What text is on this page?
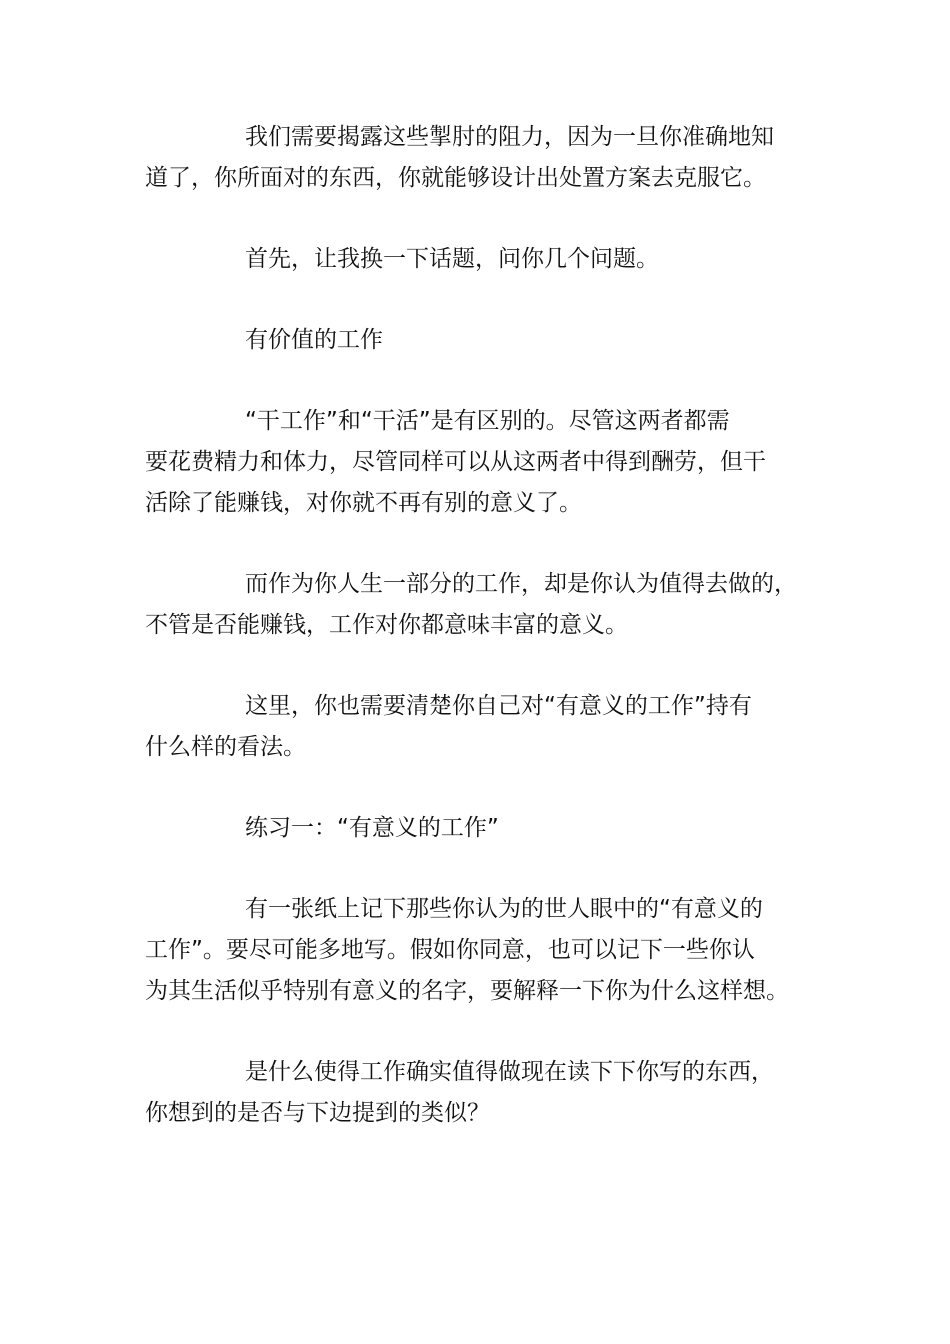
我们需要揭露这些掣肘的阻力，因为一旦你准确地知
道了，你所面对的东西，你就能够设计出处置方案去克服它。

首先，让我换一下话题，问你几个问题。

有价值的工作

“干工作”和“干活”是有区别的。尽管这两者都需
要花费精力和体力，尽管同样可以从这两者中得到酬劳，但干
活除了能赚钱，对你就不再有别的意义了。

而作为你人生一部分的工作，却是你认为值得去做的，
不管是否能赚钱，工作对你都意味丰富的意义。

这里，你也需要清楚你自己对“有意义的工作”持有
什么样的看法。

练习一：“有意义的工作”

有一张纸上记下那些你认为的世人眼中的“有意义的
工作”。要尽可能多地写。假如你同意，也可以记下一些你认
为其生活似乎特别有意义的名字，要解释一下你为什么这样想。

是什么使得工作确实值得做现在读下下你写的东西，
你想到的是否与下边提到的类似？
